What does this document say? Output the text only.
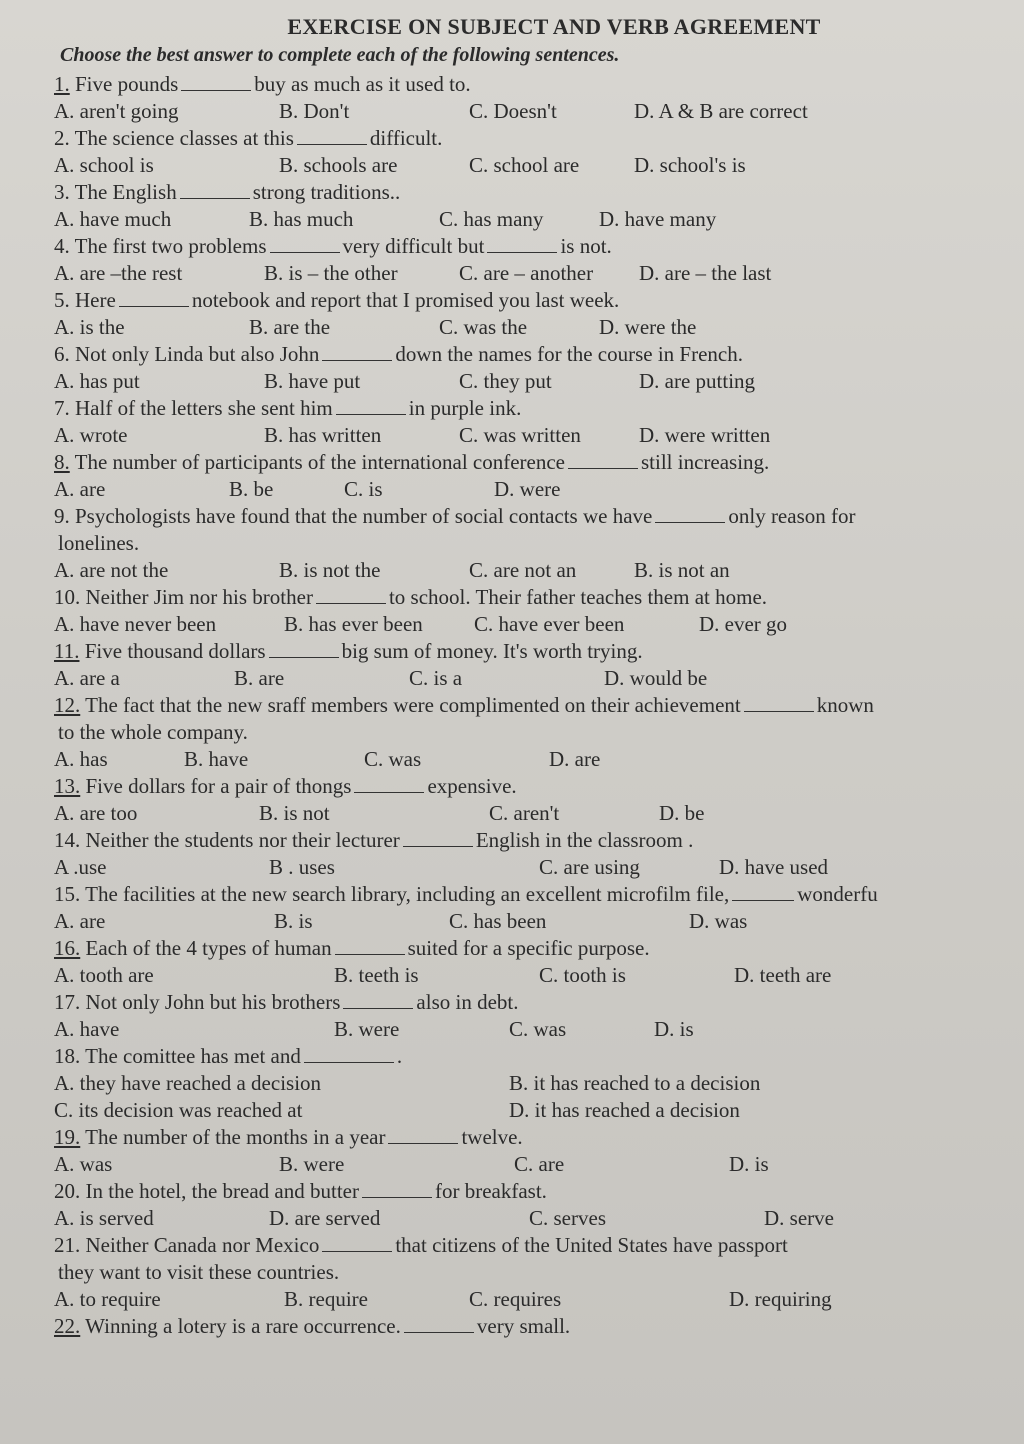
EXERCISE ON SUBJECT AND VERB AGREEMENT
Choose the best answer to complete each of the following sentences.
1. Five pounds	buy as much as it used to.
A. aren't going	B. Don't	C. Doesn't	D. A & B are correct
2. The science classes at this	difficult.
A. school is	B. schools are	C. school are	D. school's is
3. The English	strong traditions..
A. have much	B. has much	C. has many	D. have many
4. The first two problems	very difficult but	is not.
A. are –the rest	B. is – the other	C. are – another	D. are – the last
5. Here	notebook and report that I promised you last week.
A. is the	B. are the	C. was the	D. were the
6. Not only Linda but also John	down the names for the course in French.
A. has put	B. have put	C. they put	D. are putting
7. Half of the letters she sent him	in purple ink.
A. wrote	B. has written	C. was written	D. were written
8. The number of participants of the international conference	still increasing.
A. are	B. be	C. is	D. were
9. Psychologists have found that the number of social contacts we have	only reason for
lonelines.
A. are not the	B. is not the	C. are not an	B. is not an
10. Neither Jim nor his brother	to school. Their father teaches them at home.
A. have never been	B. has ever been	C. have ever been	D. ever go
11. Five thousand dollars	big sum of money. It's worth trying.
A. are a	B. are	C. is a	D. would be
12. The fact that the new sraff members were complimented on their achievement	known
to the whole company.
A. has	B. have	C. was	D. are
13. Five dollars for a pair of thongs	expensive.
A. are too	B. is not	C. aren't	D. be
14. Neither the students nor their lecturer	English in the classroom .
A .use	B . uses	C. are using	D. have used
15. The facilities at the new search library, including an excellent microfilm file,	wonderfu
A. are	B. is	C. has been	D. was
16. Each of the 4 types of human	suited for a specific purpose.
A. tooth are	B. teeth is	C. tooth is	D. teeth are
17. Not only John but his brothers	also in debt.
A. have	B. were	C. was	D. is
18. The comittee has met and	.
A. they have reached a decision	B. it has reached to a decision
C. its decision was reached at	D. it has reached a decision
19. The number of the months in a year	twelve.
A. was	B. were	C. are	D. is
20. In the hotel, the bread and butter	for breakfast.
A. is served	D. are served	C. serves	D. serve
21. Neither Canada nor Mexico	that citizens of the United States have passport
they want to visit these countries.
A. to require	B. require	C. requires	D. requiring
22. Winning a lotery is a rare occurrence.	very small.
